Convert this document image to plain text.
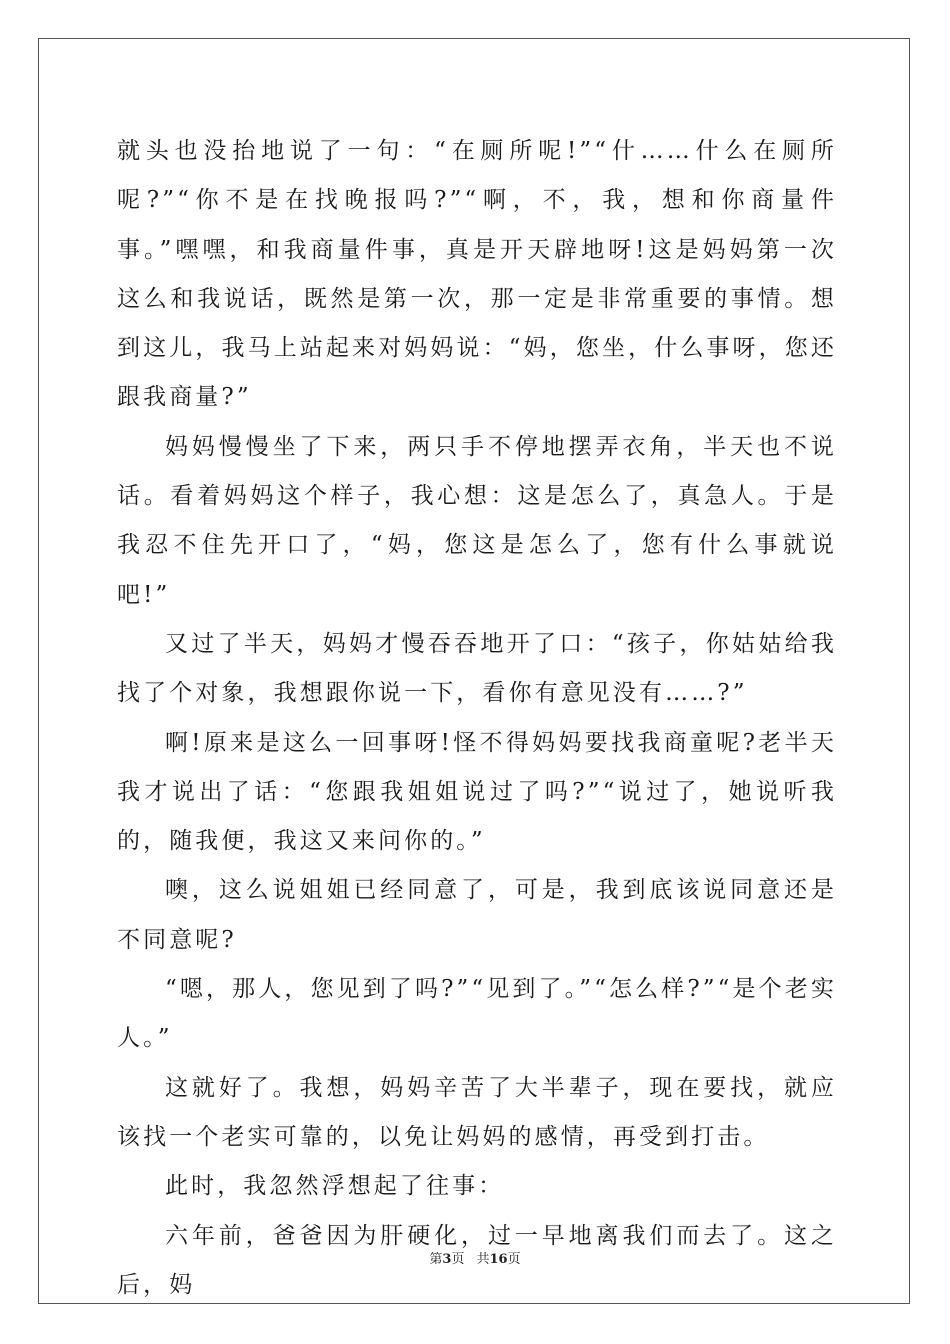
就头也没抬地说了一句：“在厕所呢!”“什……什么在厕所呢?”“你不是在找晚报吗?”“啊，不，我，想和你商量件事。”嘿嘿，和我商量件事，真是开天辟地呀!这是妈妈第一次这么和我说话，既然是第一次，那一定是非常重要的事情。想到这儿，我马上站起来对妈妈说：“妈，您坐，什么事呀，您还跟我商量?”

妈妈慢慢坐了下来，两只手不停地摆弄衣角，半天也不说话。看着妈妈这个样子，我心想：这是怎么了，真急人。于是我忍不住先开口了，“妈，您这是怎么了，您有什么事就说吧!”

又过了半天，妈妈才慢吞吞地开了口：“孩子，你姑姑给我找了个对象，我想跟你说一下，看你有意见没有……?”

啊!原来是这么一回事呀!怪不得妈妈要找我商童呢?老半天我才说出了话：“您跟我姐姐说过了吗?”“说过了，她说听我的，随我便，我这又来问你的。”

噢，这么说姐姐已经同意了，可是，我到底该说同意还是不同意呢?

“嗯，那人，您见到了吗?”“见到了。”“怎么样?”“是个老实人。”

这就好了。我想，妈妈辛苦了大半辈子，现在要找，就应该找一个老实可靠的，以免让妈妈的感情，再受到打击。

此时，我忽然浮想起了往事：

六年前，爸爸因为肝硬化，过一早地离我们而去了。这之后，妈

第3页 共16页
